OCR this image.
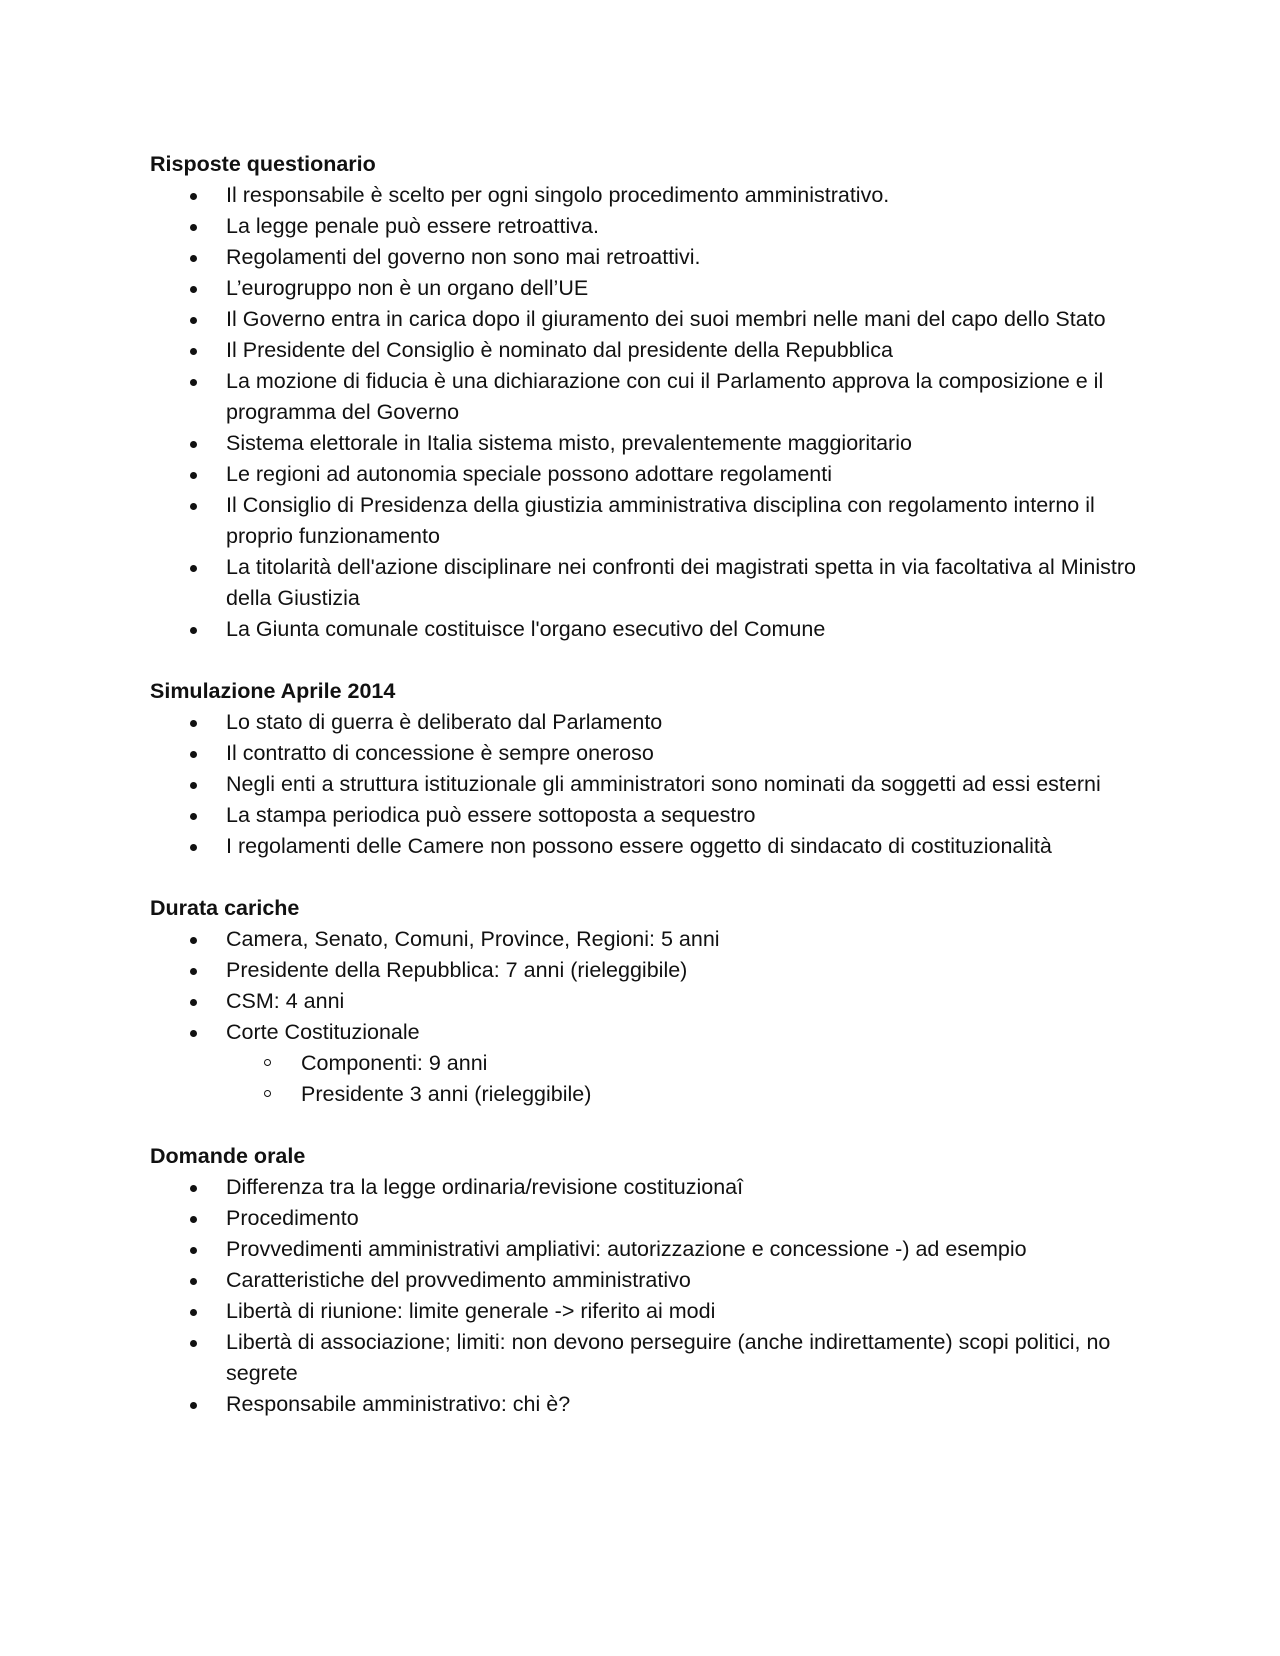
Risposte questionario

Il responsabile è scelto per ogni singolo procedimento amministrativo.
La legge penale può essere retroattiva.
Regolamenti del governo non sono mai retroattivi.
L’eurogruppo non è un organo dell’UE
Il Governo entra in carica dopo il giuramento dei suoi membri nelle mani del capo dello Stato
Il Presidente del Consiglio è nominato dal presidente della Repubblica
La mozione di fiducia è una dichiarazione con cui il Parlamento approva la composizione e il programma del Governo
Sistema elettorale in Italia sistema misto, prevalentemente maggioritario
Le regioni ad autonomia speciale possono adottare regolamenti
Il Consiglio di Presidenza della giustizia amministrativa disciplina con regolamento interno il proprio funzionamento
La titolarità dell'azione disciplinare nei confronti dei magistrati spetta in via facoltativa al Ministro della Giustizia
La Giunta comunale costituisce l'organo esecutivo del Comune

Simulazione Aprile 2014

Lo stato di guerra è deliberato dal Parlamento
Il contratto di concessione è sempre oneroso
Negli enti a struttura istituzionale gli amministratori sono nominati da soggetti ad essi esterni
La stampa periodica può essere sottoposta a sequestro
I regolamenti delle Camere non possono essere oggetto di sindacato di costituzionalità

Durata cariche

Camera, Senato, Comuni, Province, Regioni: 5 anni
Presidente della Repubblica: 7 anni (rieleggibile)
CSM: 4 anni
Corte Costituzionale
Componenti: 9 anni
Presidente 3 anni (rieleggibile)

Domande orale

Differenza tra la legge ordinaria/revisione costituzionaî
Procedimento
Provvedimenti amministrativi ampliativi: autorizzazione e concessione -) ad esempio
Caratteristiche del provvedimento amministrativo
Libertà di riunione: limite generale -> riferito ai modi
Libertà di associazione; limiti: non devono perseguire (anche indirettamente) scopi politici, no segrete
Responsabile amministrativo: chi è?
